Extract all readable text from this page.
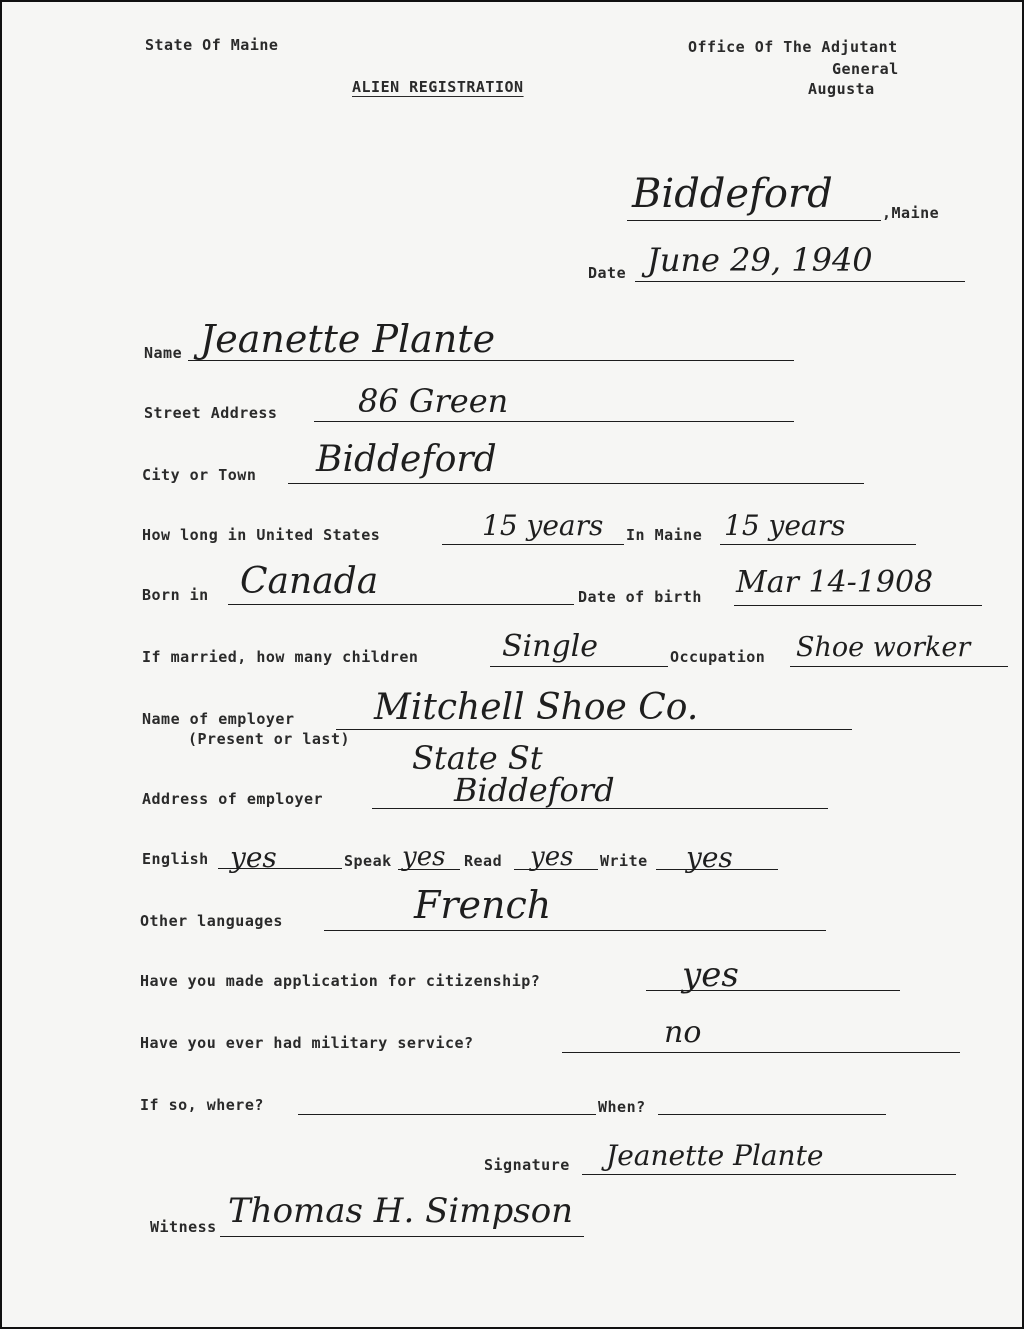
State Of Maine
ALIEN REGISTRATION
Office Of The Adjutant
General
Augusta
Biddeford	,Maine
Date June 29, 1940
Name Jeanette Plante
Street Address	86 Green
City or Town Biddeford
How long in United States	15 years In Maine 15 years
Born in Canada	Date of birth Mar 14-1908
If married, how many children	Single	Occupation Shoe worker
Name of employer
(Present or last)
Mitchell Shoe Co.
Address of employer
State St
Biddeford
English yes	Speak yes Read yes Write yes
Other languages	French
Have you made application for citizenship?	yes
Have you ever had military service?	no
If so, where?	When?
Signature Jeanette Plante
Witness Thomas H. Simpson
